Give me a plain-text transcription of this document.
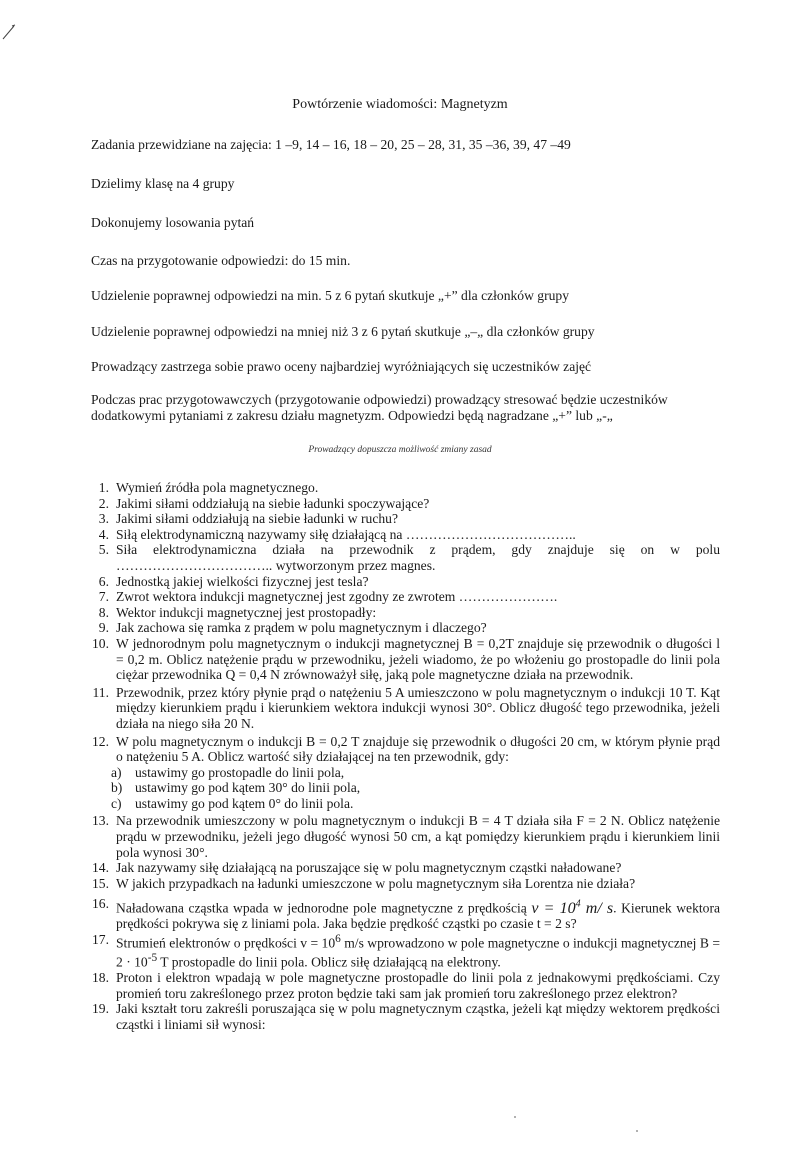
Powtórzenie wiadomości: Magnetyzm
Zadania przewidziane na zajęcia: 1 –9, 14 – 16, 18 – 20, 25 – 28, 31, 35 –36, 39, 47 –49
Dzielimy klasę na 4 grupy
Dokonujemy losowania pytań
Czas na przygotowanie odpowiedzi: do 15 min.
Udzielenie poprawnej odpowiedzi na min. 5 z 6 pytań skutkuje „+” dla członków grupy
Udzielenie poprawnej odpowiedzi na mniej niż 3 z 6 pytań skutkuje „–„ dla członków grupy
Prowadzący zastrzega sobie prawo oceny najbardziej wyróżniających się uczestników zajęć
Podczas prac przygotowawczych (przygotowanie odpowiedzi) prowadzący stresować będzie uczestników dodatkowymi pytaniami z zakresu działu magnetyzm. Odpowiedzi będą nagradzane „+” lub „-„
Prowadzący dopuszcza możliwość zmiany zasad
1. Wymień źródła pola magnetycznego.
2. Jakimi siłami oddziałują na siebie ładunki spoczywające?
3. Jakimi siłami oddziałują na siebie ładunki w ruchu?
4. Siłą elektrodynamiczną nazywamy siłę działającą na ………………………………..
5. Siła elektrodynamiczna działa na przewodnik z prądem, gdy znajduje się on w polu …………………………….. wytworzonym przez magnes.
6. Jednostką jakiej wielkości fizycznej jest tesla?
7. Zwrot wektora indukcji magnetycznej jest zgodny ze zwrotem ………………….
8. Wektor indukcji magnetycznej jest prostopadły:
9. Jak zachowa się ramka z prądem w polu magnetycznym i dlaczego?
10. W jednorodnym polu magnetycznym o indukcji magnetycznej B = 0,2T znajduje się przewodnik o długości l = 0,2 m. Oblicz natężenie prądu w przewodniku, jeżeli wiadomo, że po włożeniu go prostopadle do linii pola ciężar przewodnika Q = 0,4 N zrównoważył siłę, jaką pole magnetyczne działa na przewodnik.
11. Przewodnik, przez który płynie prąd o natężeniu 5 A umieszczono w polu magnetycznym o indukcji 10 T. Kąt między kierunkiem prądu i kierunkiem wektora indukcji wynosi 30°. Oblicz długość tego przewodnika, jeżeli działa na niego siła 20 N.
12. W polu magnetycznym o indukcji B = 0,2 T znajduje się przewodnik o długości 20 cm, w którym płynie prąd o natężeniu 5 A. Oblicz wartość siły działającej na ten przewodnik, gdy:
a) ustawimy go prostopadle do linii pola,
b) ustawimy go pod kątem 30° do linii pola,
c) ustawimy go pod kątem 0° do linii pola.
13. Na przewodnik umieszczony w polu magnetycznym o indukcji B = 4 T działa siła F = 2 N. Oblicz natężenie prądu w przewodniku, jeżeli jego długość wynosi 50 cm, a kąt pomiędzy kierunkiem prądu i kierunkiem linii pola wynosi 30°.
14. Jak nazywamy siłę działającą na poruszające się w polu magnetycznym cząstki naładowane?
15. W jakich przypadkach na ładunki umieszczone w polu magnetycznym siła Lorentza nie działa?
16. Naładowana cząstka wpada w jednorodne pole magnetyczne z prędkością $v = 10^4$ m/ s. Kierunek wektora prędkości pokrywa się z liniami pola. Jaka będzie prędkość cząstki po czasie t = 2 s?
17. Strumień elektronów o prędkości $v = 10^6$ m/s wprowadzono w pole magnetyczne o indukcji magnetycznej $B = 2 \cdot 10^{-5}$ T prostopadle do linii pola. Oblicz siłę działającą na elektrony.
18. Proton i elektron wpadają w pole magnetyczne prostopadle do linii pola z jednakowymi prędkościami. Czy promień toru zakreślonego przez proton będzie taki sam jak promień toru zakreślonego przez elektron?
19. Jaki kształt toru zakreśli poruszająca się w polu magnetycznym cząstka, jeżeli kąt między wektorem prędkości cząstki i liniami sił wynosi:
